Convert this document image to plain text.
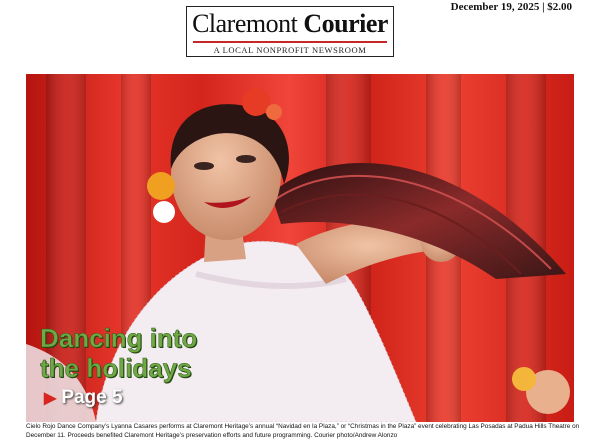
December 19, 2025 | $2.00
Claremont Courier
A LOCAL NONPROFIT NEWSROOM
Dancing into the holidays
▶ Page 5
Cielo Rojo Dance Company’s Lyanna Casares performs at Claremont Heritage’s annual “Navidad en la Plaza,” or “Christmas in the Plaza” event celebrating Las Posadas at Padua Hills Theatre on December 11. Proceeds benefited Claremont Heritage’s preservation efforts and future programming. Courier photo/Andrew Alonzo
